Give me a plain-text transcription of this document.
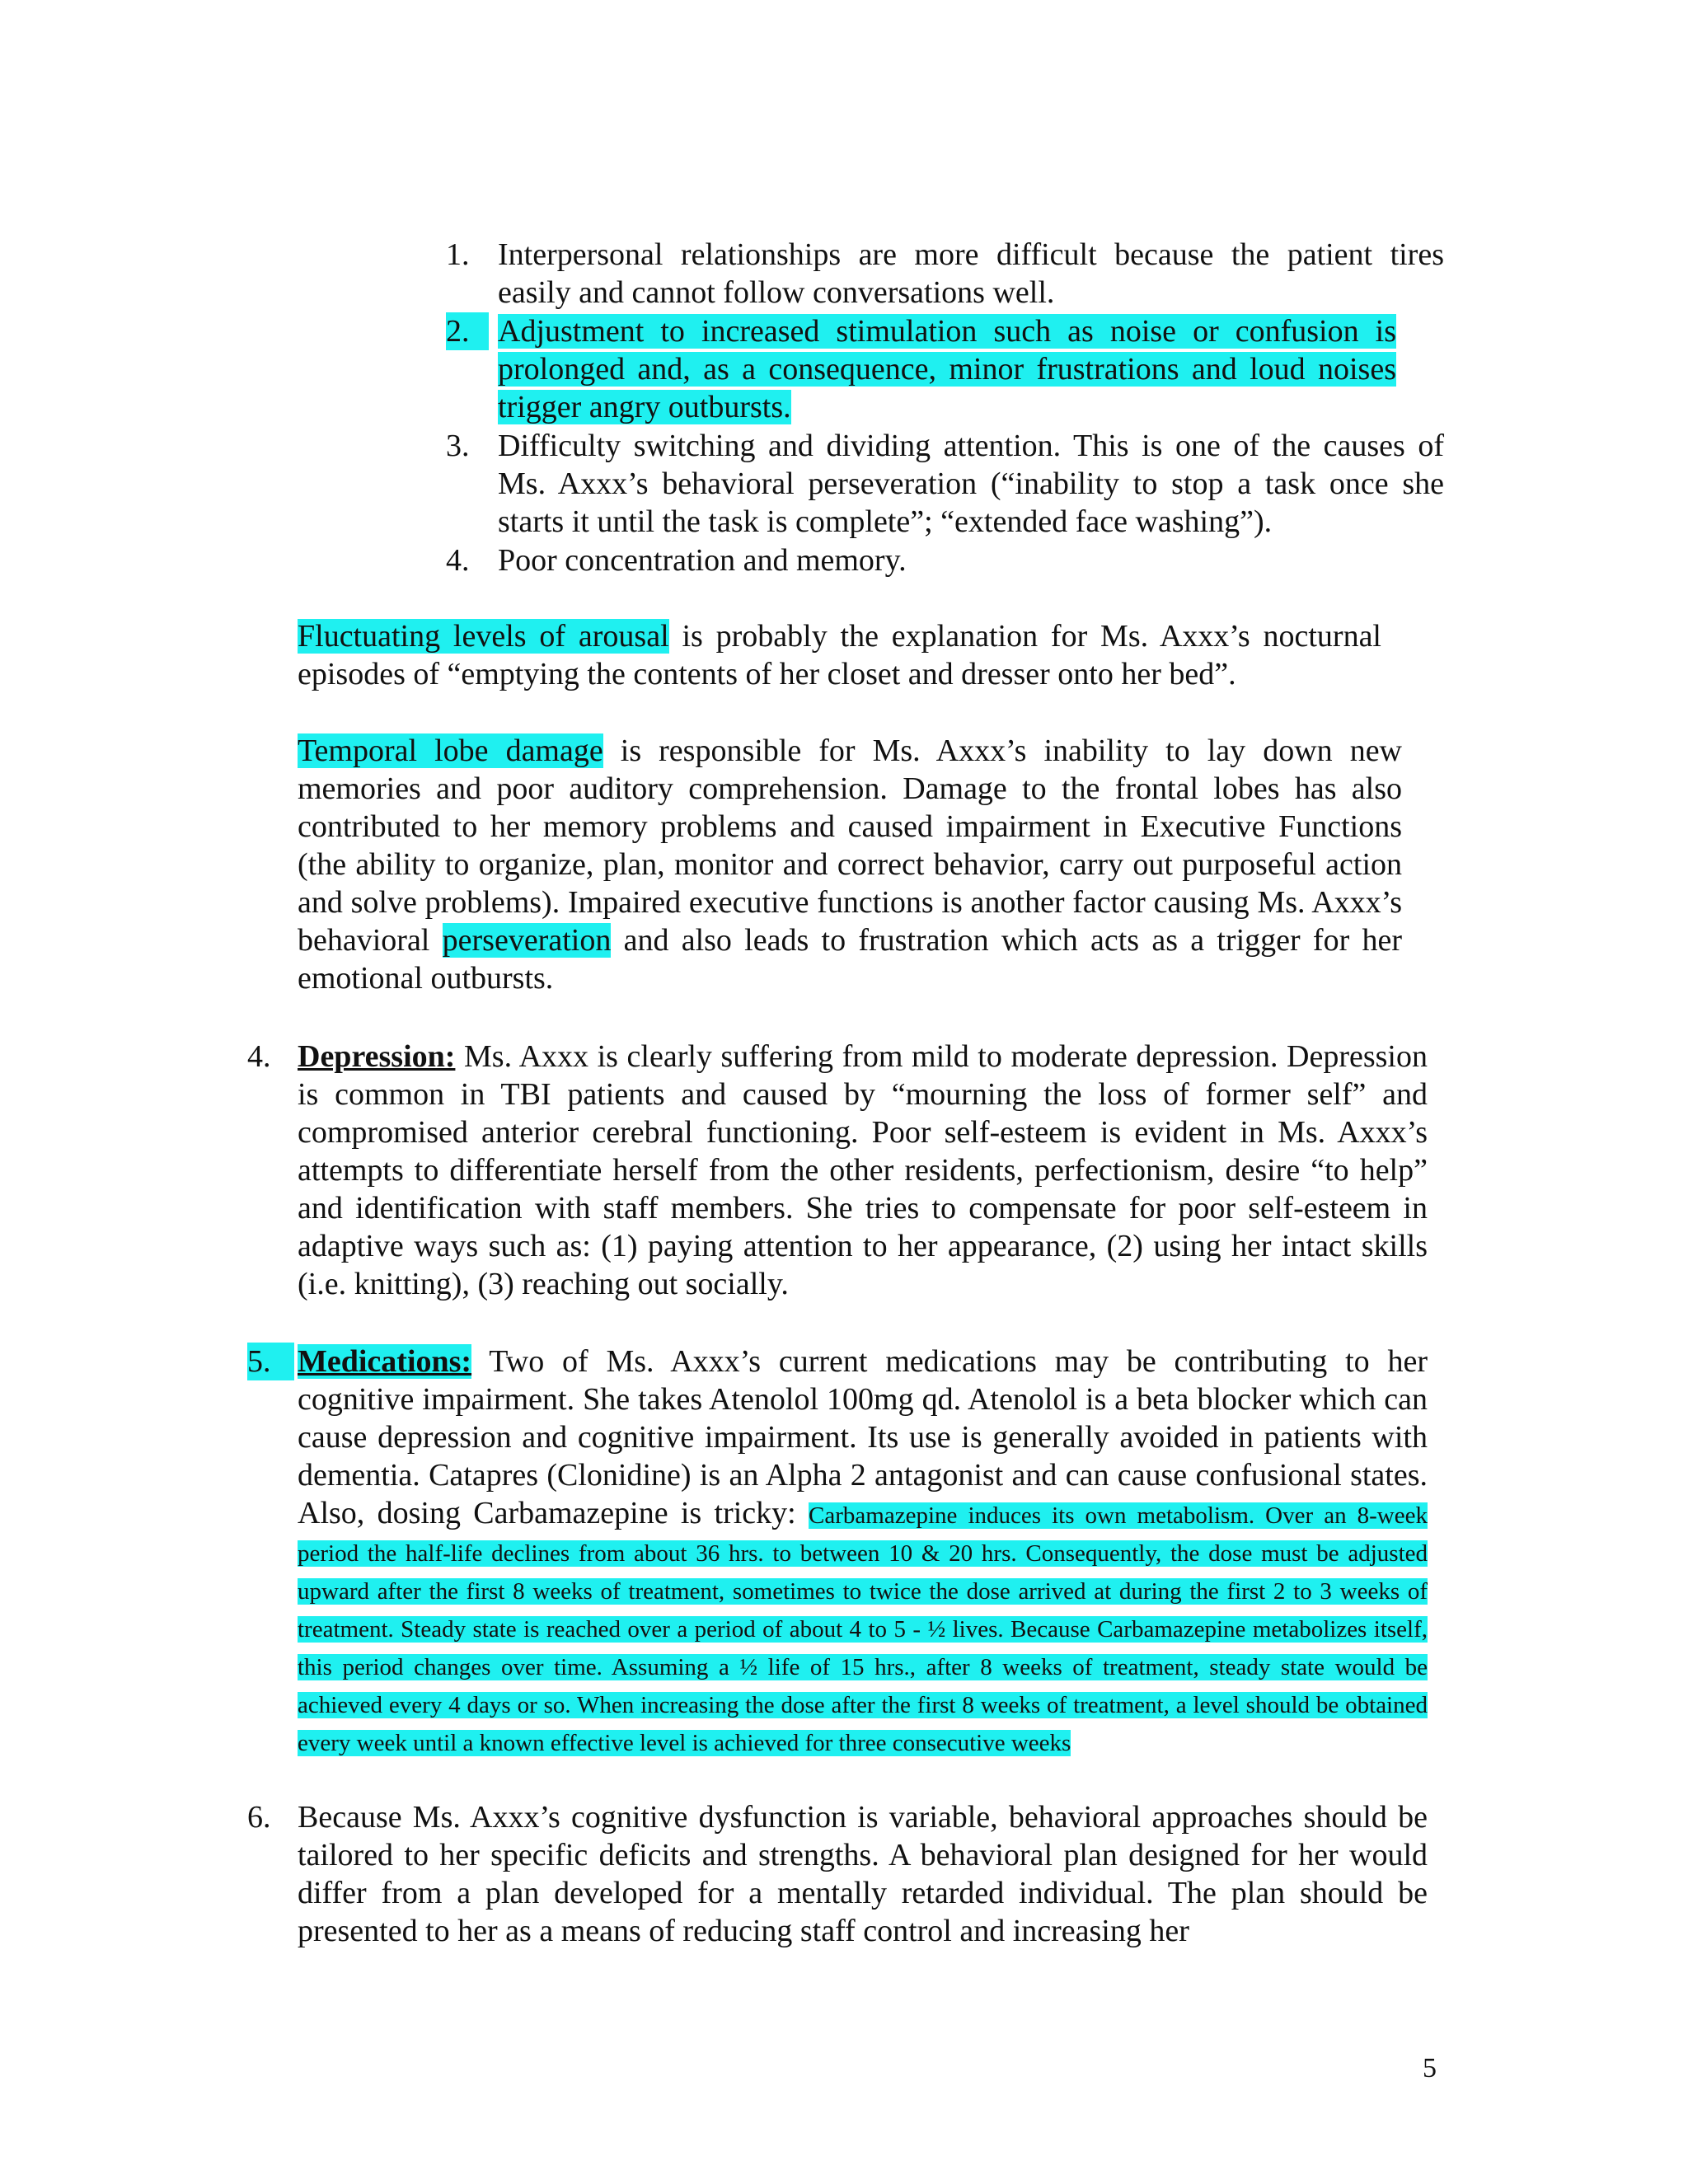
1. Interpersonal relationships are more difficult because the patient tires easily and cannot follow conversations well.
2. Adjustment to increased stimulation such as noise or confusion is prolonged and, as a consequence, minor frustrations and loud noises trigger angry outbursts.
3. Difficulty switching and dividing attention. This is one of the causes of Ms. Axxx’s behavioral perseveration (“inability to stop a task once she starts it until the task is complete”; “extended face washing”).
4. Poor concentration and memory.
Fluctuating levels of arousal is probably the explanation for Ms. Axxx’s nocturnal episodes of “emptying the contents of her closet and dresser onto her bed”.
Temporal lobe damage is responsible for Ms. Axxx’s inability to lay down new memories and poor auditory comprehension. Damage to the frontal lobes has also contributed to her memory problems and caused impairment in Executive Functions (the ability to organize, plan, monitor and correct behavior, carry out purposeful action and solve problems). Impaired executive functions is another factor causing Ms. Axxx’s behavioral perseveration and also leads to frustration which acts as a trigger for her emotional outbursts.
4. Depression: Ms. Axxx is clearly suffering from mild to moderate depression. Depression is common in TBI patients and caused by “mourning the loss of former self” and compromised anterior cerebral functioning. Poor self-esteem is evident in Ms. Axxx’s attempts to differentiate herself from the other residents, perfectionism, desire “to help” and identification with staff members. She tries to compensate for poor self-esteem in adaptive ways such as: (1) paying attention to her appearance, (2) using her intact skills (i.e. knitting), (3) reaching out socially.
5. Medications: Two of Ms. Axxx’s current medications may be contributing to her cognitive impairment. She takes Atenolol 100mg qd. Atenolol is a beta blocker which can cause depression and cognitive impairment. Its use is generally avoided in patients with dementia. Catapres (Clonidine) is an Alpha 2 antagonist and can cause confusional states. Also, dosing Carbamazepine is tricky: Carbamazepine induces its own metabolism. Over an 8-week period the half-life declines from about 36 hrs. to between 10 & 20 hrs. Consequently, the dose must be adjusted upward after the first 8 weeks of treatment, sometimes to twice the dose arrived at during the first 2 to 3 weeks of treatment. Steady state is reached over a period of about 4 to 5 - ½ lives. Because Carbamazepine metabolizes itself, this period changes over time. Assuming a ½ life of 15 hrs., after 8 weeks of treatment, steady state would be achieved every 4 days or so. When increasing the dose after the first 8 weeks of treatment, a level should be obtained every week until a known effective level is achieved for three consecutive weeks
6. Because Ms. Axxx’s cognitive dysfunction is variable, behavioral approaches should be tailored to her specific deficits and strengths. A behavioral plan designed for her would differ from a plan developed for a mentally retarded individual. The plan should be presented to her as a means of reducing staff control and increasing her
5
